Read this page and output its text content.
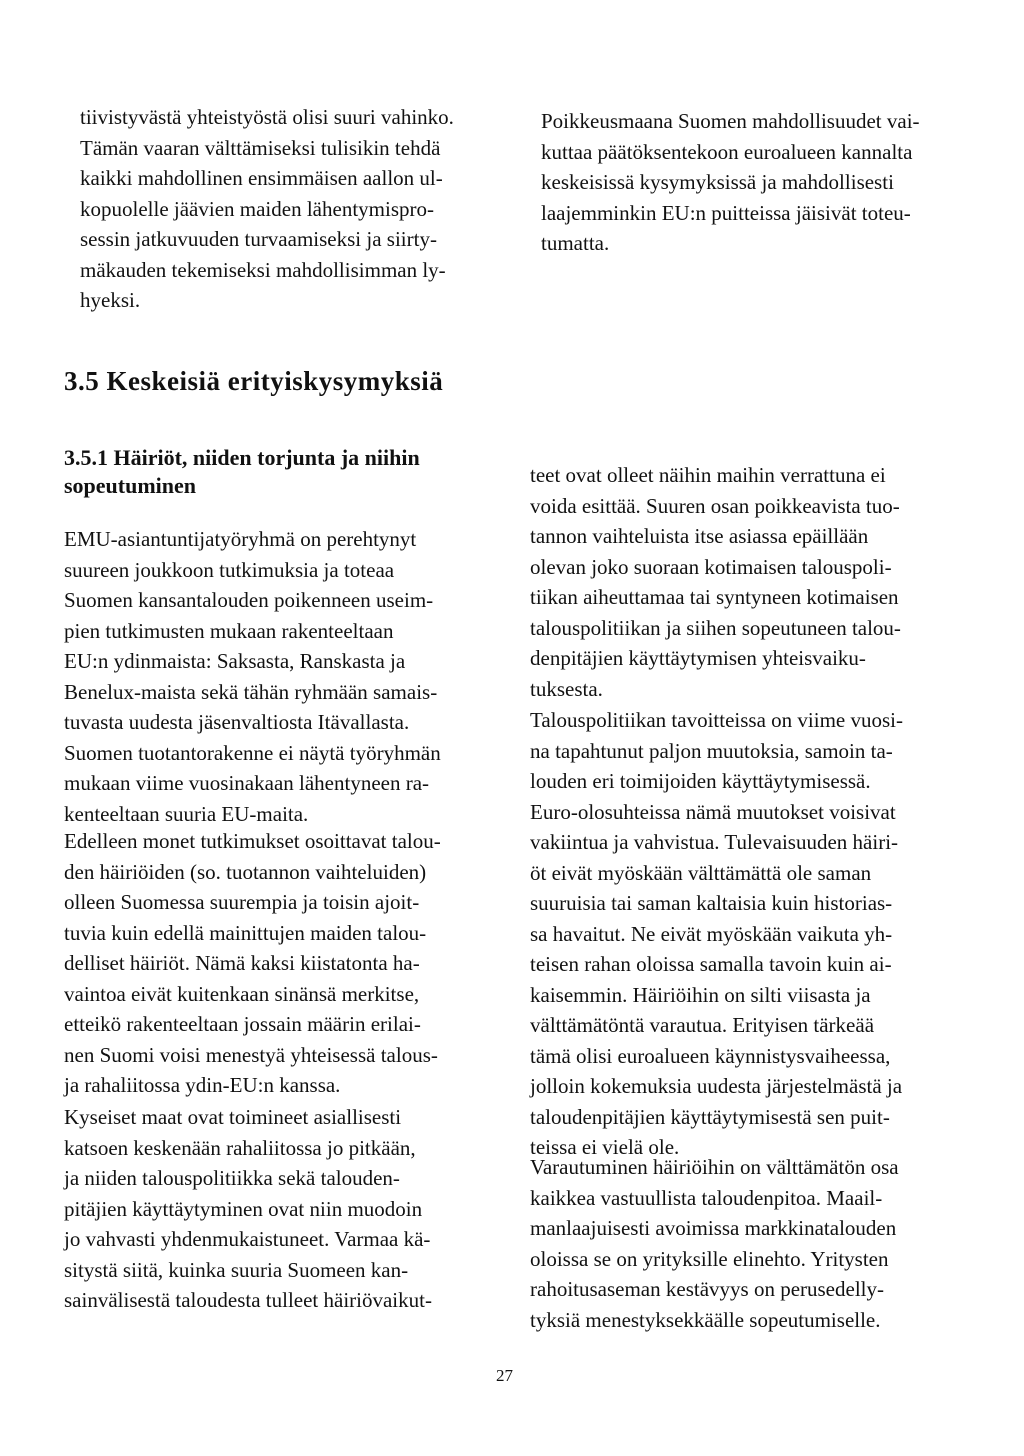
tiivistyvästä yhteistyöstä olisi suuri vahinko.
Tämän vaaran välttämiseksi tulisikin tehdä
kaikki mahdollinen ensimmäisen aallon ul-
kopuolelle jäävien maiden lähentymispro-
sessin jatkuvuuden turvaamiseksi ja siirty-
mäkauden tekemiseksi mahdollisimman ly-
hyeksi.

Poikkeusmaana Suomen mahdollisuudet vai-
kuttaa päätöksentekoon euroalueen kannalta
keskeisissä kysymyksissä ja mahdollisesti
laajemminkin EU:n puitteissa jäisivät toteu-
tumatta.

3.5 Keskeisiä erityiskysymyksiä
3.5.1 Häiriöt, niiden torjunta ja niihin
sopeutuminen

EMU-asiantuntijatyöryhmä on perehtynyt
suureen joukkoon tutkimuksia ja toteaa
Suomen kansantalouden poikenneen useim-
pien tutkimusten mukaan rakenteeltaan
EU:n ydinmaista: Saksasta, Ranskasta ja
Benelux-maista sekä tähän ryhmään samais-
tuvasta uudesta jäsenvaltiosta Itävallasta.
Suomen tuotantorakenne ei näytä työryhmän
mukaan viime vuosinakaan lähentyneen ra-
kenteeltaan suuria EU-maita.

Edelleen monet tutkimukset osoittavat talou-
den häiriöiden (so. tuotannon vaihteluiden)
olleen Suomessa suurempia ja toisin ajoit-
tuvia kuin edellä mainittujen maiden talou-
delliset häiriöt. Nämä kaksi kiistatonta ha-
vaintoa eivät kuitenkaan sinänsä merkitse,
etteikö rakenteeltaan jossain määrin erilai-
nen Suomi voisi menestyä yhteisessä talous-
ja rahaliitossa ydin-EU:n kanssa.

Kyseiset maat ovat toimineet asiallisesti
katsoen keskenään rahaliitossa jo pitkään,
ja niiden talouspolitiikka sekä talouden-
pitäjien käyttäytyminen ovat niin muodoin
jo vahvasti yhdenmukaistuneet. Varmaa kä-
sitystä siitä, kuinka suuria Suomeen kan-
sainvälisestä taloudesta tulleet häiriövaikut-

teet ovat olleet näihin maihin verrattuna ei
voida esittää. Suuren osan poikkeavista tuo-
tannon vaihteluista itse asiassa epäillään
olevan joko suoraan kotimaisen talouspoli-
tiikan aiheuttamaa tai syntyneen kotimaisen
talouspolitiikan ja siihen sopeutuneen talou-
denpitäjien käyttäytymisen yhteisvaiku-
tuksesta.

Talouspolitiikan tavoitteissa on viime vuosi-
na tapahtunut paljon muutoksia, samoin ta-
louden eri toimijoiden käyttäytymisessä.
Euro-olosuhteissa nämä muutokset voisivat
vakiintua ja vahvistua. Tulevaisuuden häiri-
öt eivät myöskään välttämättä ole saman
suuruisia tai saman kaltaisia kuin historias-
sa havaitut. Ne eivät myöskään vaikuta yh-
teisen rahan oloissa samalla tavoin kuin ai-
kaisemmin. Häiriöihin on silti viisasta ja
välttämätöntä varautua. Erityisen tärkeää
tämä olisi euroalueen käynnistysvaiheessa,
jolloin kokemuksia uudesta järjestelmästä ja
taloudenpitäjien käyttäytymisestä sen puit-
teissa ei vielä ole.

Varautuminen häiriöihin on välttämätön osa
kaikkea vastuullista taloudenpitoa. Maail-
manlaajuisesti avoimissa markkinatalouden
oloissa se on yrityksille elinehto. Yritysten
rahoitusaseman kestävyys on perusedelly-
tyksiä menestyksekkäälle sopeutumiselle.

27
